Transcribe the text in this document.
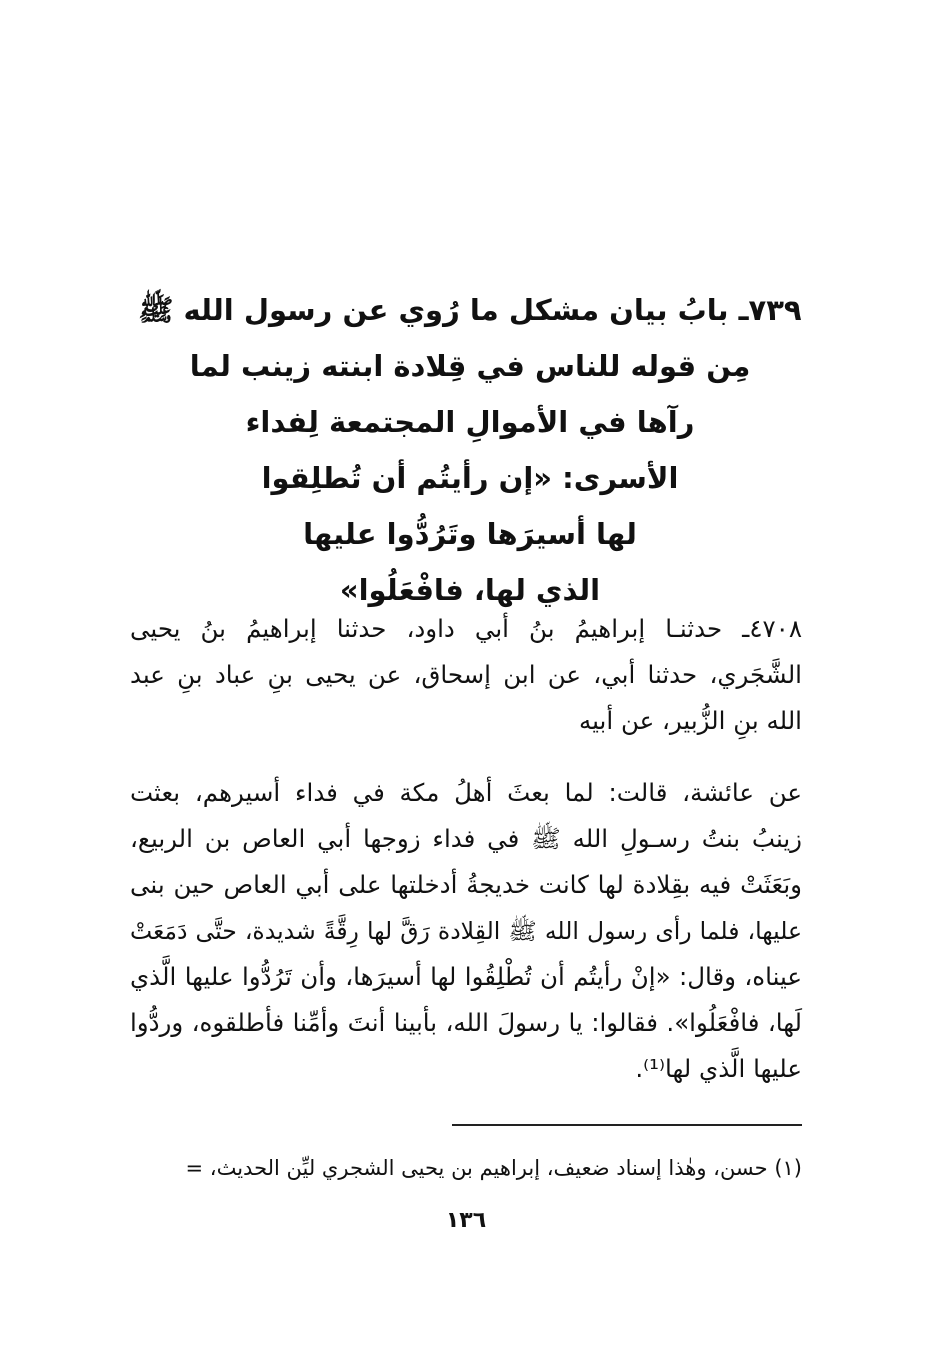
٧٣٩ـ بابُ بيان مشكل ما رُوي عن رسول الله ﷺ

مِن قوله للناس في قِلادة ابنته زينب لما

رآها في الأموالِ المجتمعة لِفداء

الأسرى: «إن رأيتُم أن تُطلِقوا

لها أسيرَها وتَرُدُّوا عليها

الذي لها، فافْعَلُوا»

٤٧٠٨ـ حدثنـا إبراهيمُ بنُ أبي داود، حدثنا إبراهيمُ بنُ يحيى
الشَّجَري، حدثنا أبي، عن ابن إسحاق، عن يحيى بنِ عباد بنِ عبد
الله بنِ الزُّبير، عن أبيه
عن عائشة، قالت: لما بعثَ أهلُ مكة في فداء أسيرهم، بعثت
زينبُ بنتُ رسـولِ الله ﷺ في فداء زوجها أبي العاص بن الربيع،
وبَعَثَتْ فيه بقِلادة لها كانت خديجةُ أدخلتها على أبي العاص حين بنى
عليها، فلما رأى رسول الله ﷺ القِلادة رَقَّ لها رِقَّةً شديدة، حتَّى دَمَعَتْ
عيناه، وقال: «إنْ رأيتُم أن تُطْلِقُوا لها أسيرَها، وأن تَرُدُّوا عليها الَّذي
لَها، فافْعَلُوا». فقالوا: يا رسولَ الله، بأبينا أنتَ وأمِّنا فأطلقوه، وردُّوا
عليها الَّذي لها⁽¹⁾.
(١) حسن، وهٰذا إسناد ضعيف، إبراهيم بن يحيى الشجري ليِّن الحديث، =
١٣٦
